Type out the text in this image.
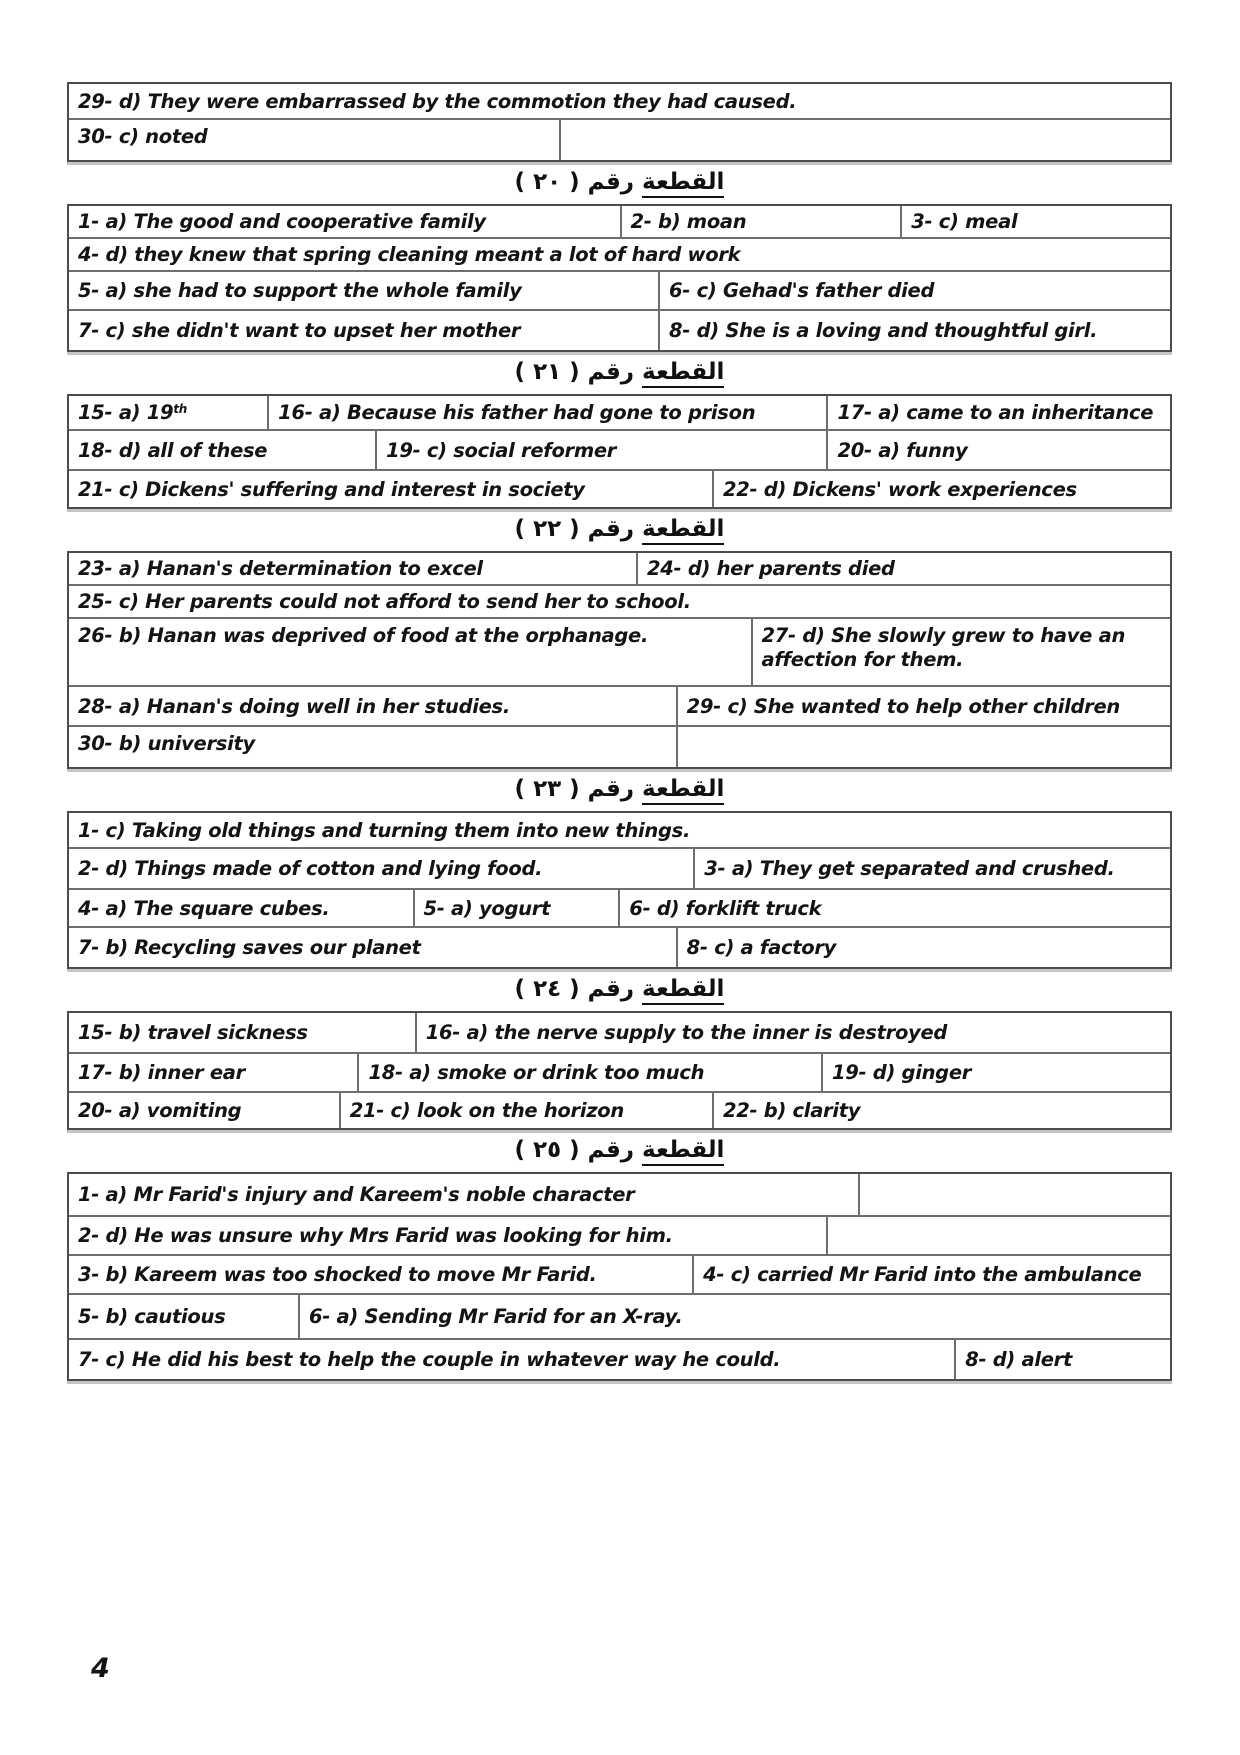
29- d) They were embarrassed by the commotion they had caused.
30- c) noted
القطعة رقم ( ٢٠ )
1- a) The good and cooperative family	2- b) moan	3- c) meal
4- d) they knew that spring cleaning meant a lot of hard work
5- a) she had to support the whole family	6- c) Gehad's father died
7- c) she didn't want to upset her mother	8- d) She is a loving and thoughtful girl.
القطعة رقم ( ٢١ )
15- a) 19th	16- a) Because his father had gone to prison	17- a) came to an inheritance
18- d) all of these	19- c) social reformer	20- a) funny
21- c) Dickens' suffering and interest in society	22- d) Dickens' work experiences
القطعة رقم ( ٢٢ )
23- a) Hanan's determination to excel	24- d) her parents died
25- c) Her parents could not afford to send her to school.
26- b) Hanan was deprived of food at the orphanage.	27- d) She slowly grew to have an affection for them.
28- a) Hanan's doing well in her studies.	29- c) She wanted to help other children
30- b) university
القطعة رقم ( ٢٣ )
1- c) Taking old things and turning them into new things.
2- d) Things made of cotton and lying food.	3- a) They get separated and crushed.
4- a) The square cubes.	5- a) yogurt	6- d) forklift truck
7- b) Recycling saves our planet	8- c) a factory
القطعة رقم ( ٢٤ )
15- b) travel sickness	16- a) the nerve supply to the inner is destroyed
17- b) inner ear	18- a) smoke or drink too much	19- d) ginger
20- a) vomiting	21- c) look on the horizon	22- b) clarity
القطعة رقم ( ٢٥ )
1- a) Mr Farid's injury and Kareem's noble character
2- d) He was unsure why Mrs Farid was looking for him.
3- b) Kareem was too shocked to move Mr Farid.	4- c) carried Mr Farid into the ambulance
5- b) cautious	6- a) Sending Mr Farid for an X-ray.
7- c) He did his best to help the couple in whatever way he could.	8- d) alert
4
